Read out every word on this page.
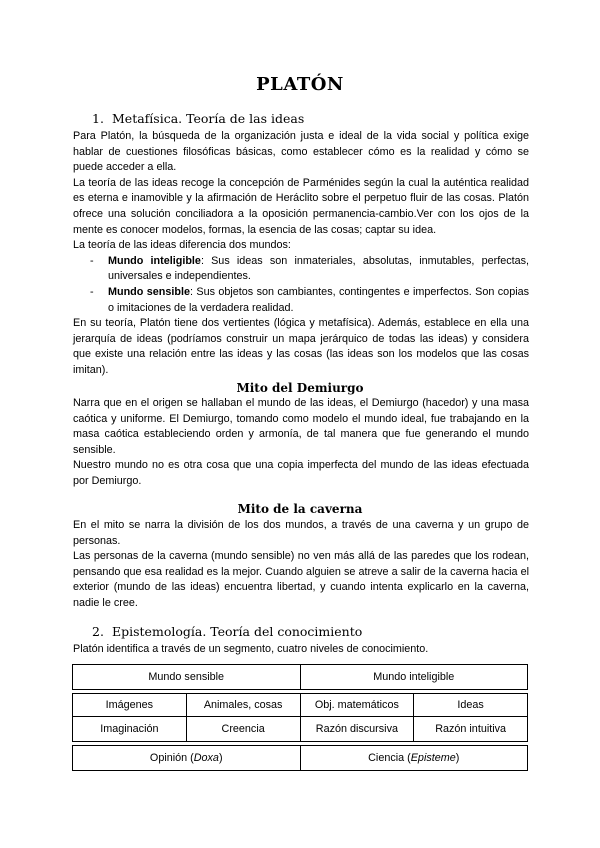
PLATÓN
1. Metafísica. Teoría de las ideas

Para Platón, la búsqueda de la organización justa e ideal de la vida social y política exige hablar de cuestiones filosóficas básicas, como establecer cómo es la realidad y cómo se puede acceder a ella.

La teoría de las ideas recoge la concepción de Parménides según la cual la auténtica realidad es eterna e inamovible y la afirmación de Heráclito sobre el perpetuo fluir de las cosas. Platón ofrece una solución conciliadora a la oposición permanencia-cambio.Ver con los ojos de la mente es conocer modelos, formas, la esencia de las cosas; captar su idea.

La teoría de las ideas diferencia dos mundos:

- Mundo inteligible: Sus ideas son inmateriales, absolutas, inmutables, perfectas, universales e independientes.
- Mundo sensible: Sus objetos son cambiantes, contingentes e imperfectos. Son copias o imitaciones de la verdadera realidad.

En su teoría, Platón tiene dos vertientes (lógica y metafísica). Además, establece en ella una jerarquía de ideas (podríamos construir un mapa jerárquico de todas las ideas) y considera que existe una relación entre las ideas y las cosas (las ideas son los modelos que las cosas imitan).

Mito del Demiurgo

Narra que en el origen se hallaban el mundo de las ideas, el Demiurgo (hacedor) y una masa caótica y uniforme. El Demiurgo, tomando como modelo el mundo ideal, fue trabajando en la masa caótica estableciendo orden y armonía, de tal manera que fue generando el mundo sensible.

Nuestro mundo no es otra cosa que una copia imperfecta del mundo de las ideas efectuada por Demiurgo.

Mito de la caverna

En el mito se narra la división de los dos mundos, a través de una caverna y un grupo de personas.

Las personas de la caverna (mundo sensible) no ven más allá de las paredes que los rodean, pensando que esa realidad es la mejor. Cuando alguien se atreve a salir de la caverna hacia el exterior (mundo de las ideas) encuentra libertad, y cuando intenta explicarlo en la caverna, nadie le cree.

2. Epistemología. Teoría del conocimiento

Platón identifica a través de un segmento, cuatro niveles de conocimiento.

Mundo sensible		Mundo inteligible	

Imágenes	Animales, cosas	Obj. matemáticos	Ideas
Imaginación	Creencia	Razón discursiva	Razón intuitiva

Opinión (Doxa)		Ciencia (Episteme)	
